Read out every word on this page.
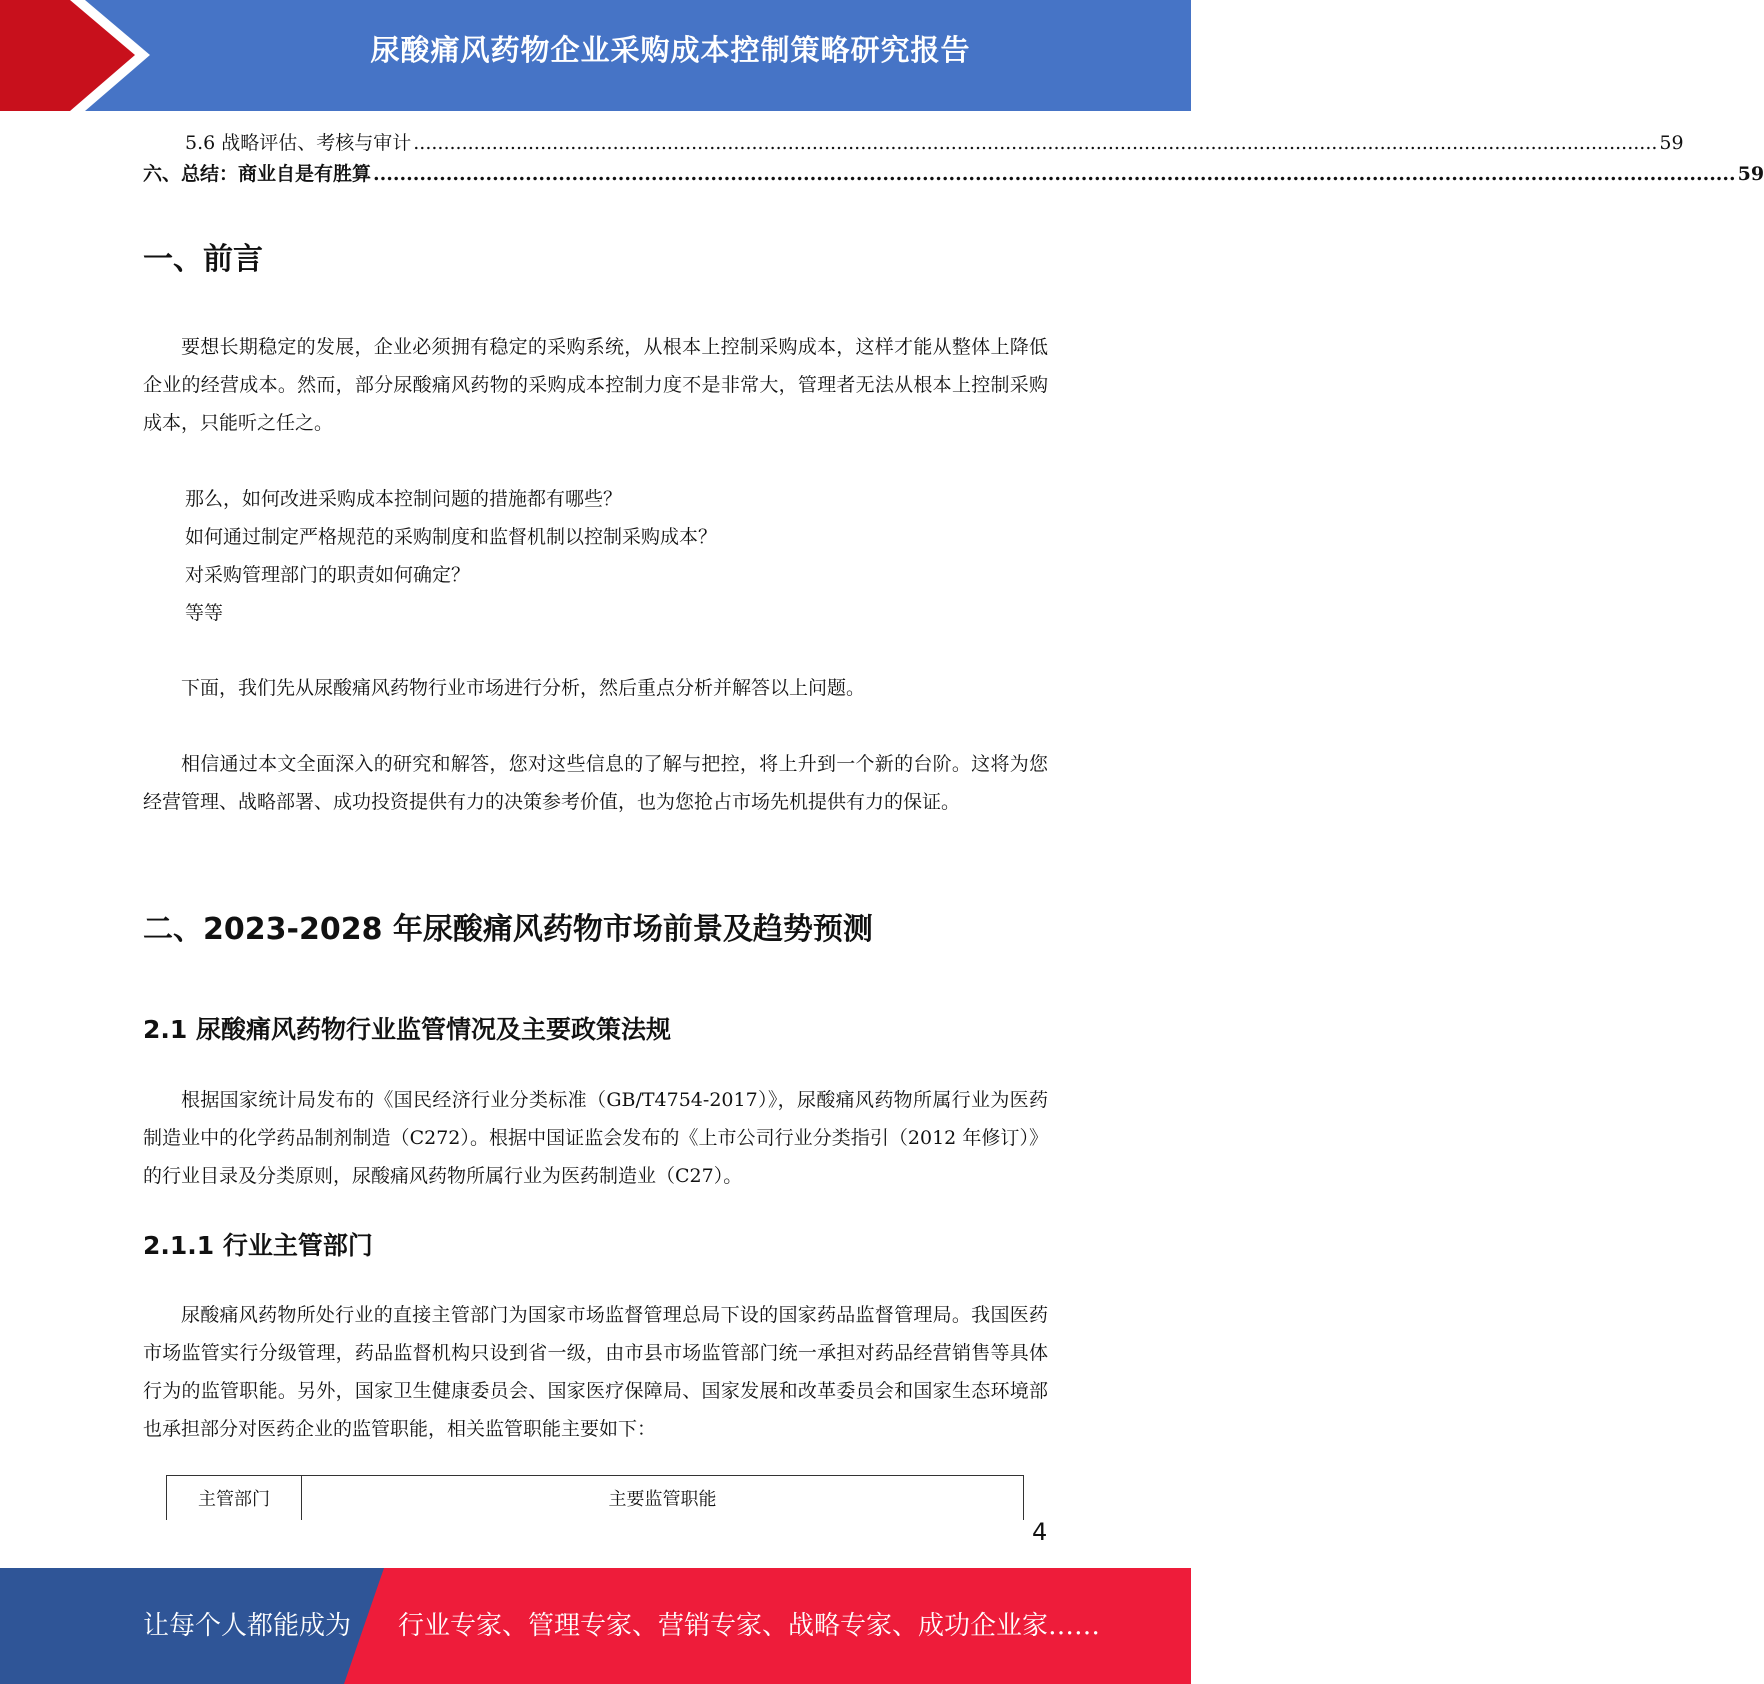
尿酸痛风药物企业采购成本控制策略研究报告
5.6 战略评估、考核与审计 .............................................................................................................................................................................................................. 59
六、总结：商业自是有胜算 .............................................................................................................................................................................................................. 59
一、前言

要想长期稳定的发展，企业必须拥有稳定的采购系统，从根本上控制采购成本，这样才能从整体上降低企业的经营成本。然而，部分尿酸痛风药物的采购成本控制力度不是非常大，管理者无法从根本上控制采购成本，只能听之任之。

那么，如何改进采购成本控制问题的措施都有哪些？
如何通过制定严格规范的采购制度和监督机制以控制采购成本？
对采购管理部门的职责如何确定？
等等

下面，我们先从尿酸痛风药物行业市场进行分析，然后重点分析并解答以上问题。

相信通过本文全面深入的研究和解答，您对这些信息的了解与把控，将上升到一个新的台阶。这将为您经营管理、战略部署、成功投资提供有力的决策参考价值，也为您抢占市场先机提供有力的保证。

二、2023-2028 年尿酸痛风药物市场前景及趋势预测
2.1 尿酸痛风药物行业监管情况及主要政策法规

根据国家统计局发布的《国民经济行业分类标准（GB/T4754-2017）》，尿酸痛风药物所属行业为医药制造业中的化学药品制剂制造（C272）。根据中国证监会发布的《上市公司行业分类指引（2012 年修订）》的行业目录及分类原则，尿酸痛风药物所属行业为医药制造业（C27）。

2.1.1 行业主管部门

尿酸痛风药物所处行业的直接主管部门为国家市场监督管理总局下设的国家药品监督管理局。我国医药市场监管实行分级管理，药品监督机构只设到省一级，由市县市场监管部门统一承担对药品经营销售等具体行为的监管职能。另外，国家卫生健康委员会、国家医疗保障局、国家发展和改革委员会和国家生态环境部也承担部分对医药企业的监管职能，相关监管职能主要如下：

主管部门	主要监管职能
4
让每个人都能成为 行业专家、管理专家、营销专家、战略专家、成功企业家……
